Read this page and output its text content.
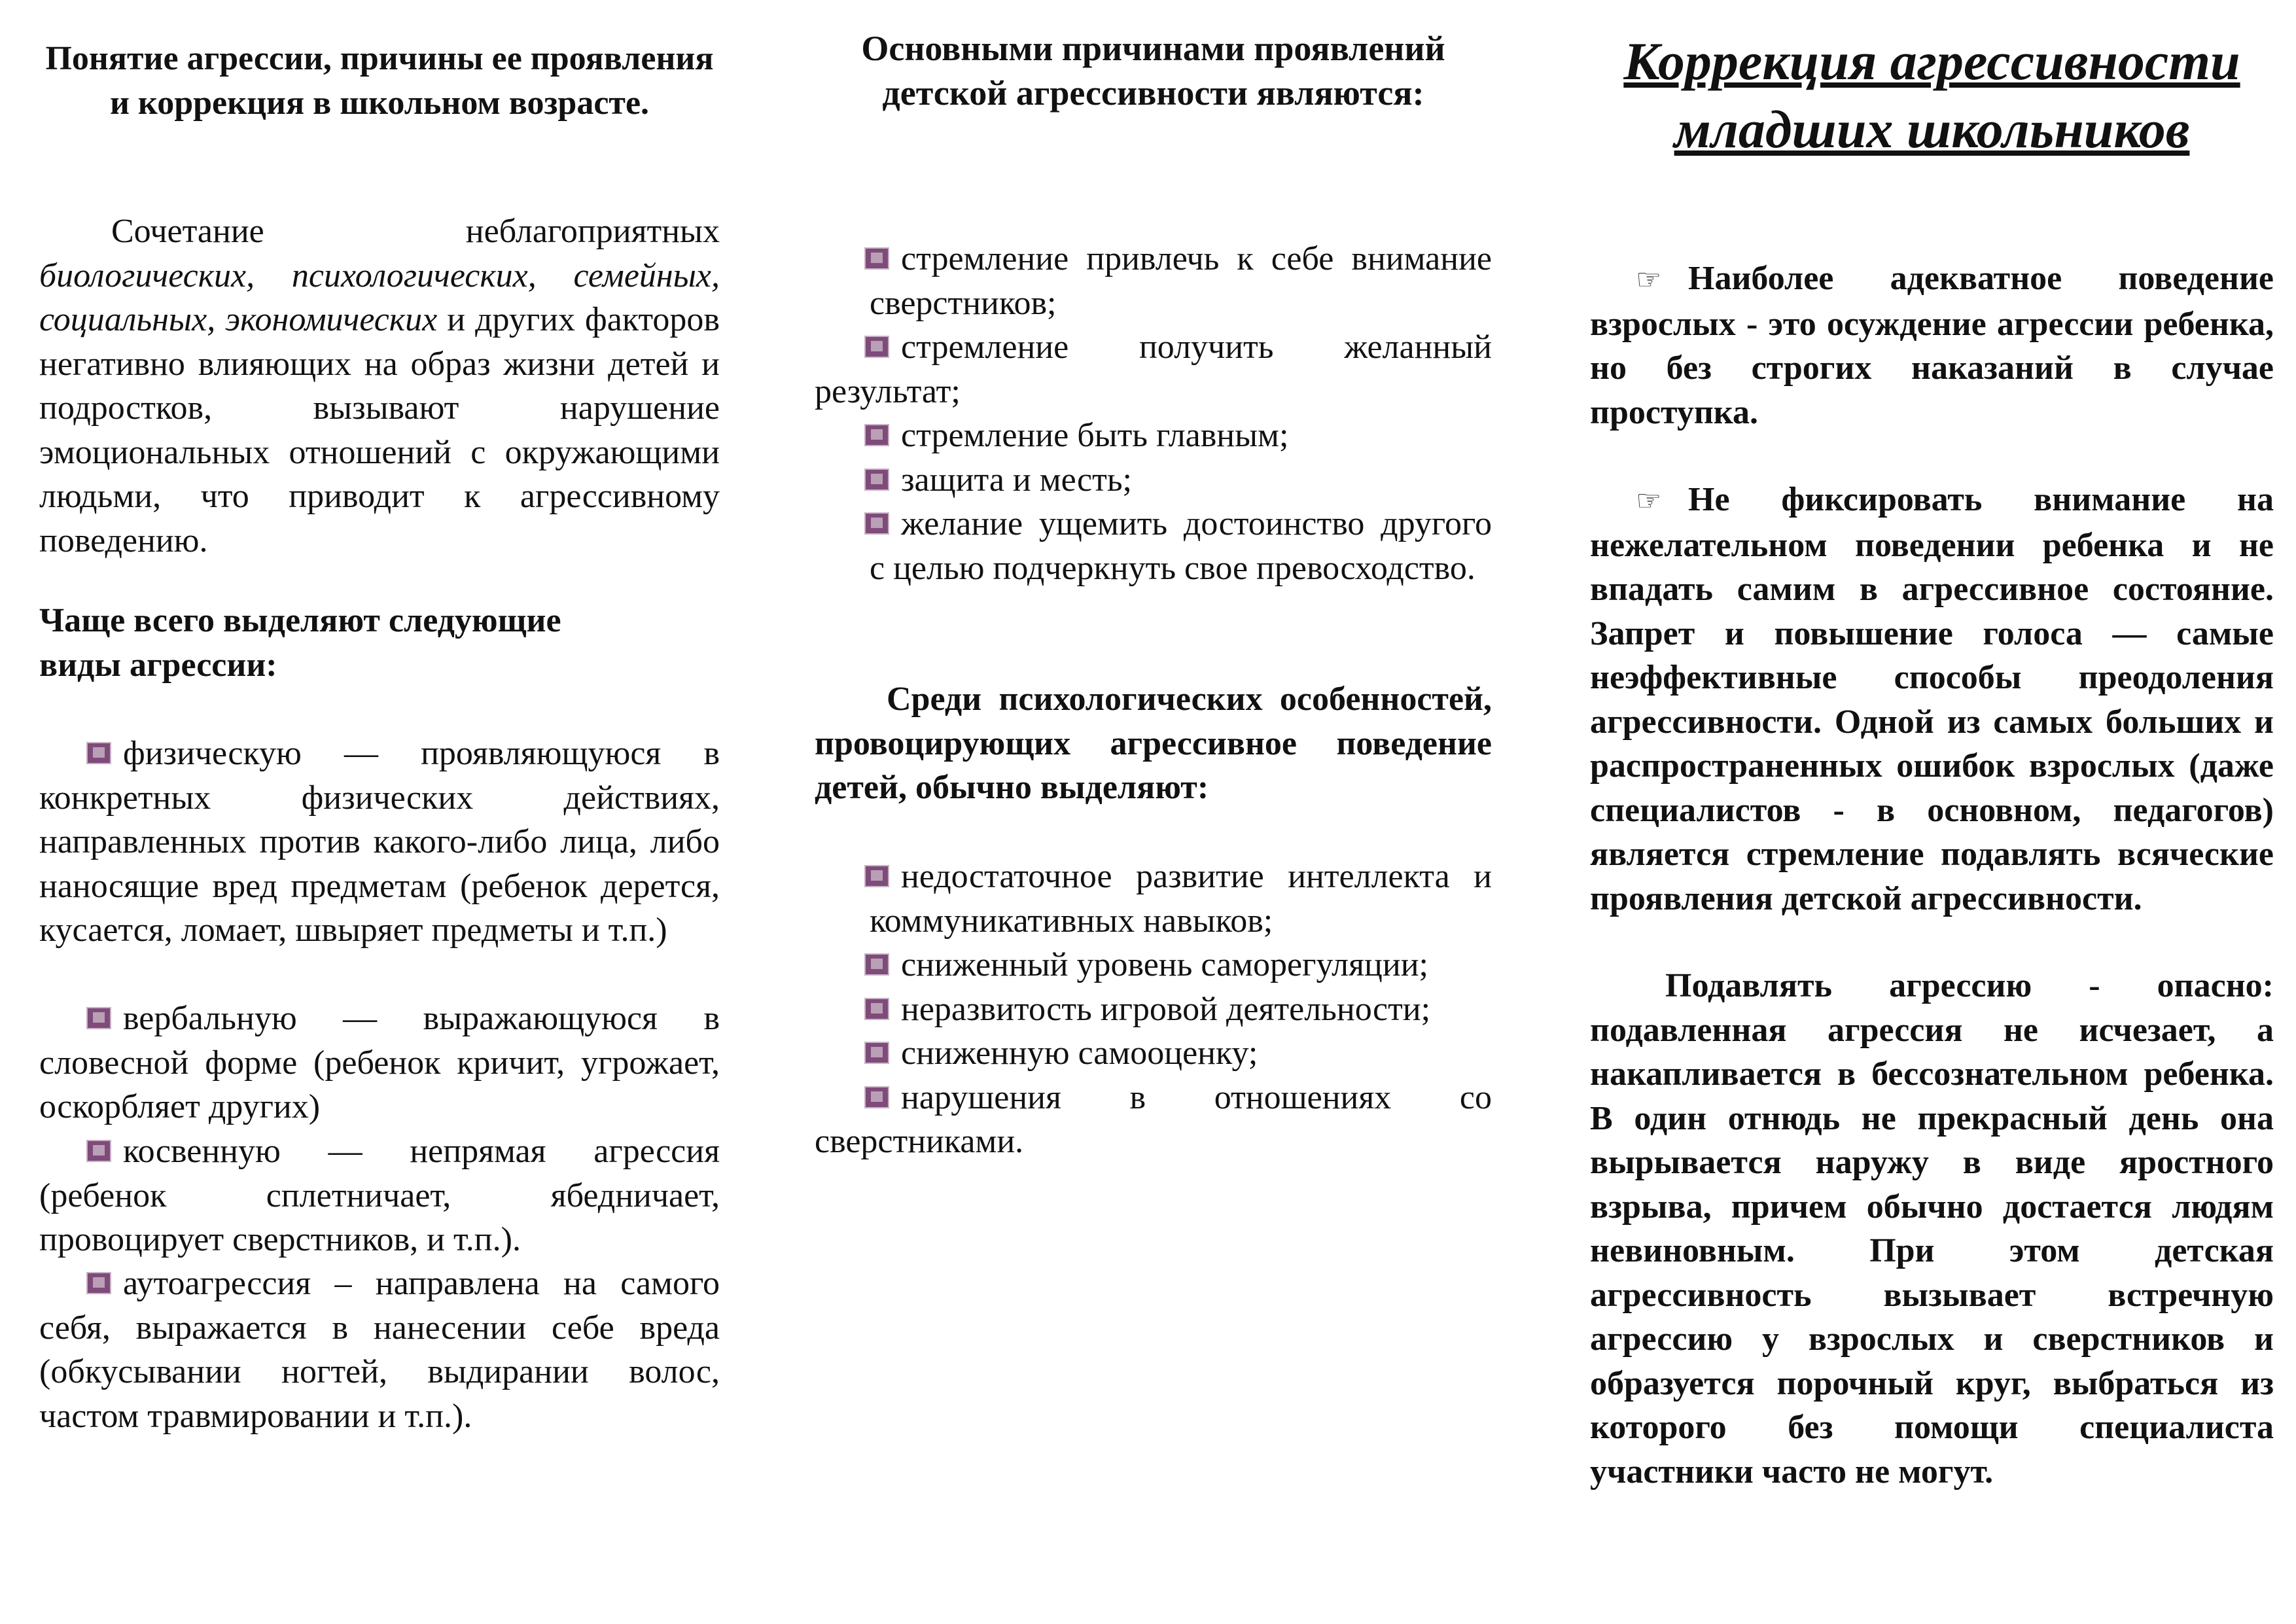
Понятие агрессии, причины ее проявления и коррекция в школьном возрасте.

Сочетание неблагоприятных биологических, психологических, семейных, социальных, экономических и других факторов негативно влияющих на образ жизни детей и подростков, вызывают нарушение эмоциональных отношений с окружающими людьми, что приводит к агрессивному поведению.

Чаще всего выделяют следующие виды агрессии:

физическую — проявляющуюся в конкретных физических действиях, направленных против какого-либо лица, либо наносящие вред предметам (ребенок дерется, кусается, ломает, швыряет предметы и т.п.)

вербальную — выражающуюся в словесной форме (ребенок кричит, угрожает, оскорбляет других)

косвенную — непрямая агрессия (ребенок сплетничает, ябедничает, провоцирует сверстников, и т.п.).

аутоагрессия – направлена на самого себя, выражается в нанесении себе вреда (обкусывании ногтей, выдирании волос, частом травмировании и т.п.).

Основными причинами проявлений детской агрессивности являются:

стремление привлечь к себе внимание сверстников;

стремление получить желанный результат;

стремление быть главным;

защита и месть;

желание ущемить достоинство другого с целью подчеркнуть свое превосходство.

Среди психологических особенностей, провоцирующих агрессивное поведение детей, обычно выделяют:

недостаточное развитие интеллекта и коммуникативных навыков;

сниженный уровень саморегуляции;

неразвитость игровой деятельности;

сниженную самооценку;

нарушения в отношениях со сверстниками.

Коррекция агрессивности младших школьников

☞ Наиболее адекватное поведение взрослых - это осуждение агрессии ребенка, но без строгих наказаний в случае проступка.

☞ Не фиксировать внимание на нежелательном поведении ребенка и не впадать самим в агрессивное состояние. Запрет и повышение голоса — самые неэффективные способы преодоления агрессивности. Одной из самых больших и распространенных ошибок взрослых (даже специалистов - в основном, педагогов) является стремление подавлять всяческие проявления детской агрессивности.

Подавлять агрессию - опасно: подавленная агрессия не исчезает, а накапливается в бессознательном ребенка. В один отнюдь не прекрасный день она вырывается наружу в виде яростного взрыва, причем обычно достается людям невиновным. При этом детская агрессивность вызывает встречную агрессию у взрослых и сверстников и образуется порочный круг, выбраться из которого без помощи специалиста участники часто не могут.
